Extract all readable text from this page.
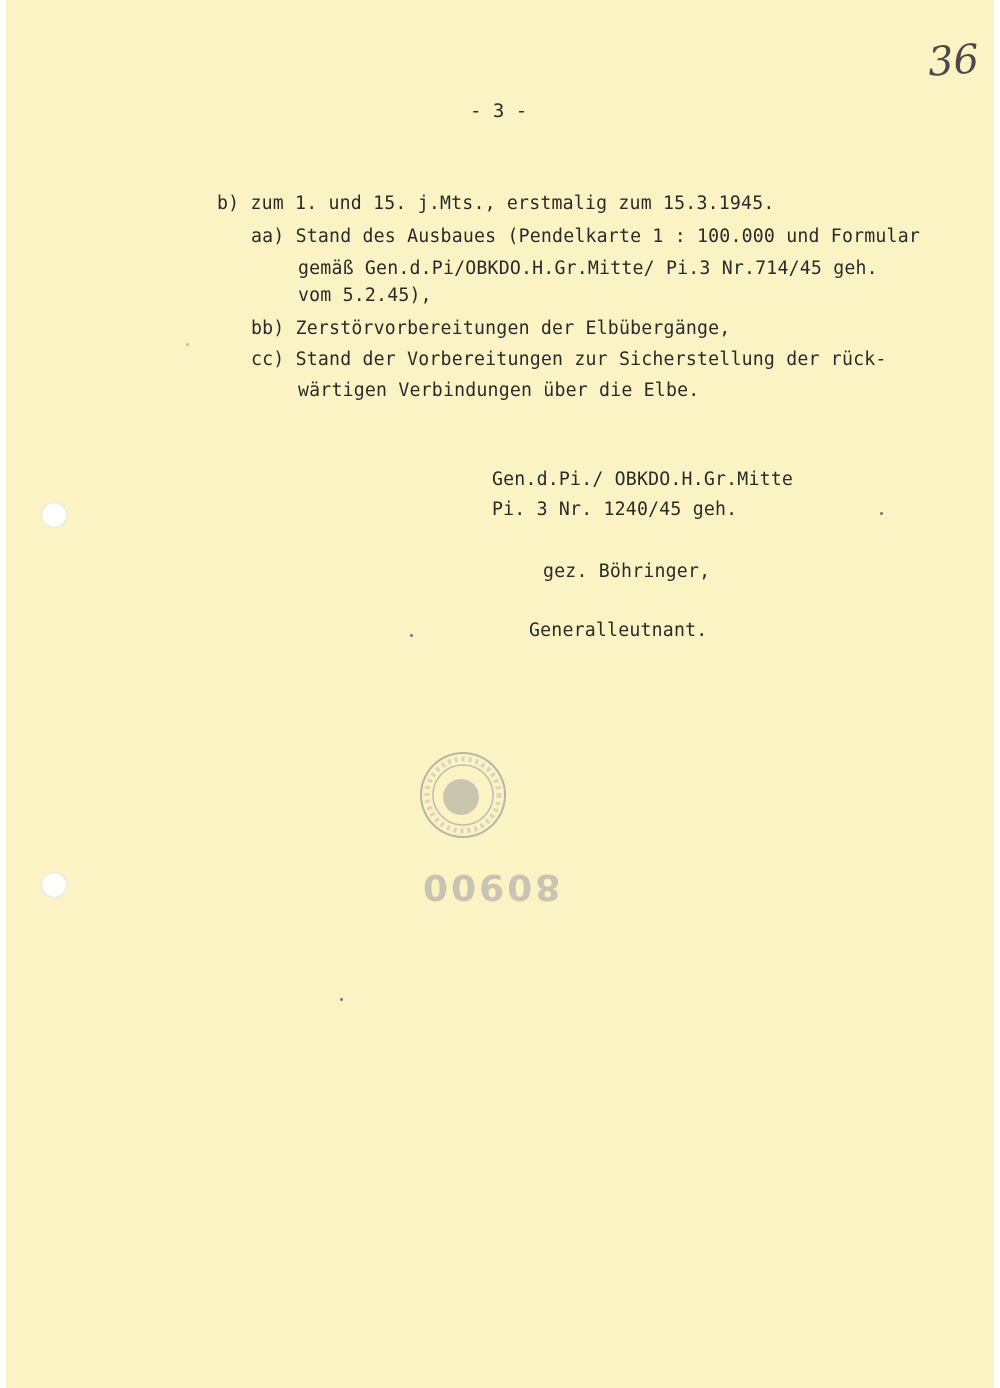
36
- 3 -
b) zum 1. und 15. j.Mts., erstmalig zum 15.3.1945.
aa) Stand des Ausbaues (Pendelkarte 1 : 100.000 und Formular
gemäß Gen.d.Pi/OBKDO.H.Gr.Mitte/ Pi.3 Nr.714/45 geh.
vom 5.2.45),
bb) Zerstörvorbereitungen der Elbübergänge,
cc) Stand der Vorbereitungen zur Sicherstellung der rück-
wärtigen Verbindungen über die Elbe.
Gen.d.Pi./ OBKDO.H.Gr.Mitte
Pi. 3 Nr. 1240/45 geh.
gez. Böhringer,
Generalleutnant.
80900
